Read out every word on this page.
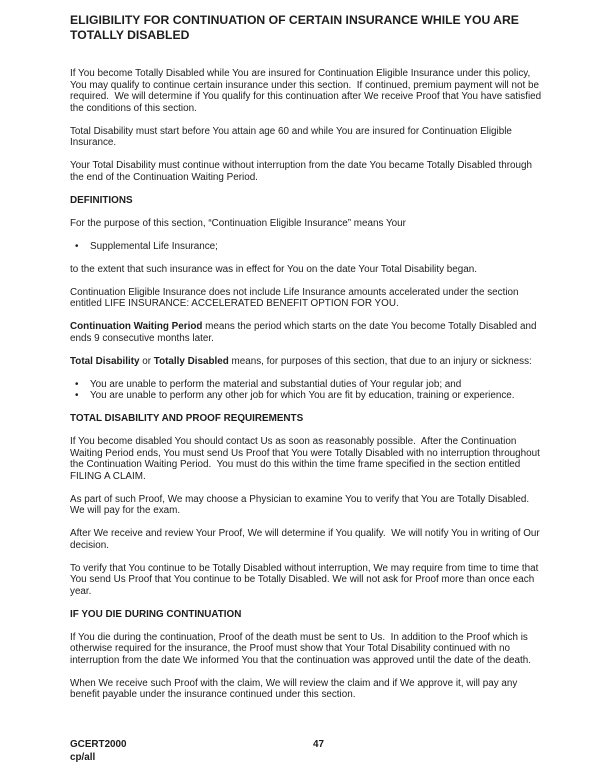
ELIGIBILITY FOR CONTINUATION OF CERTAIN INSURANCE WHILE YOU ARE TOTALLY DISABLED

If You become Totally Disabled while You are insured for Continuation Eligible Insurance under this policy, You may qualify to continue certain insurance under this section.  If continued, premium payment will not be required.  We will determine if You qualify for this continuation after We receive Proof that You have satisfied the conditions of this section.

Total Disability must start before You attain age 60 and while You are insured for Continuation Eligible Insurance.

Your Total Disability must continue without interruption from the date You became Totally Disabled through the end of the Continuation Waiting Period.

DEFINITIONS

For the purpose of this section, “Continuation Eligible Insurance” means Your

• Supplemental Life Insurance;

to the extent that such insurance was in effect for You on the date Your Total Disability began.

Continuation Eligible Insurance does not include Life Insurance amounts accelerated under the section entitled LIFE INSURANCE: ACCELERATED BENEFIT OPTION FOR YOU.

Continuation Waiting Period means the period which starts on the date You become Totally Disabled and ends 9 consecutive months later.

Total Disability or Totally Disabled means, for purposes of this section, that due to an injury or sickness:

• You are unable to perform the material and substantial duties of Your regular job; and
• You are unable to perform any other job for which You are fit by education, training or experience.
TOTAL DISABILITY AND PROOF REQUIREMENTS

If You become disabled You should contact Us as soon as reasonably possible.  After the Continuation Waiting Period ends, You must send Us Proof that You were Totally Disabled with no interruption throughout the Continuation Waiting Period.  You must do this within the time frame specified in the section entitled FILING A CLAIM.

As part of such Proof, We may choose a Physician to examine You to verify that You are Totally Disabled. We will pay for the exam.

After We receive and review Your Proof, We will determine if You qualify.  We will notify You in writing of Our decision.

To verify that You continue to be Totally Disabled without interruption, We may require from time to time that You send Us Proof that You continue to be Totally Disabled. We will not ask for Proof more than once each year.

IF YOU DIE DURING CONTINUATION

If You die during the continuation, Proof of the death must be sent to Us.  In addition to the Proof which is otherwise required for the insurance, the Proof must show that Your Total Disability continued with no interruption from the date We informed You that the continuation was approved until the date of the death.

When We receive such Proof with the claim, We will review the claim and if We approve it, will pay any benefit payable under the insurance continued under this section.

GCERT2000
cp/all
47
